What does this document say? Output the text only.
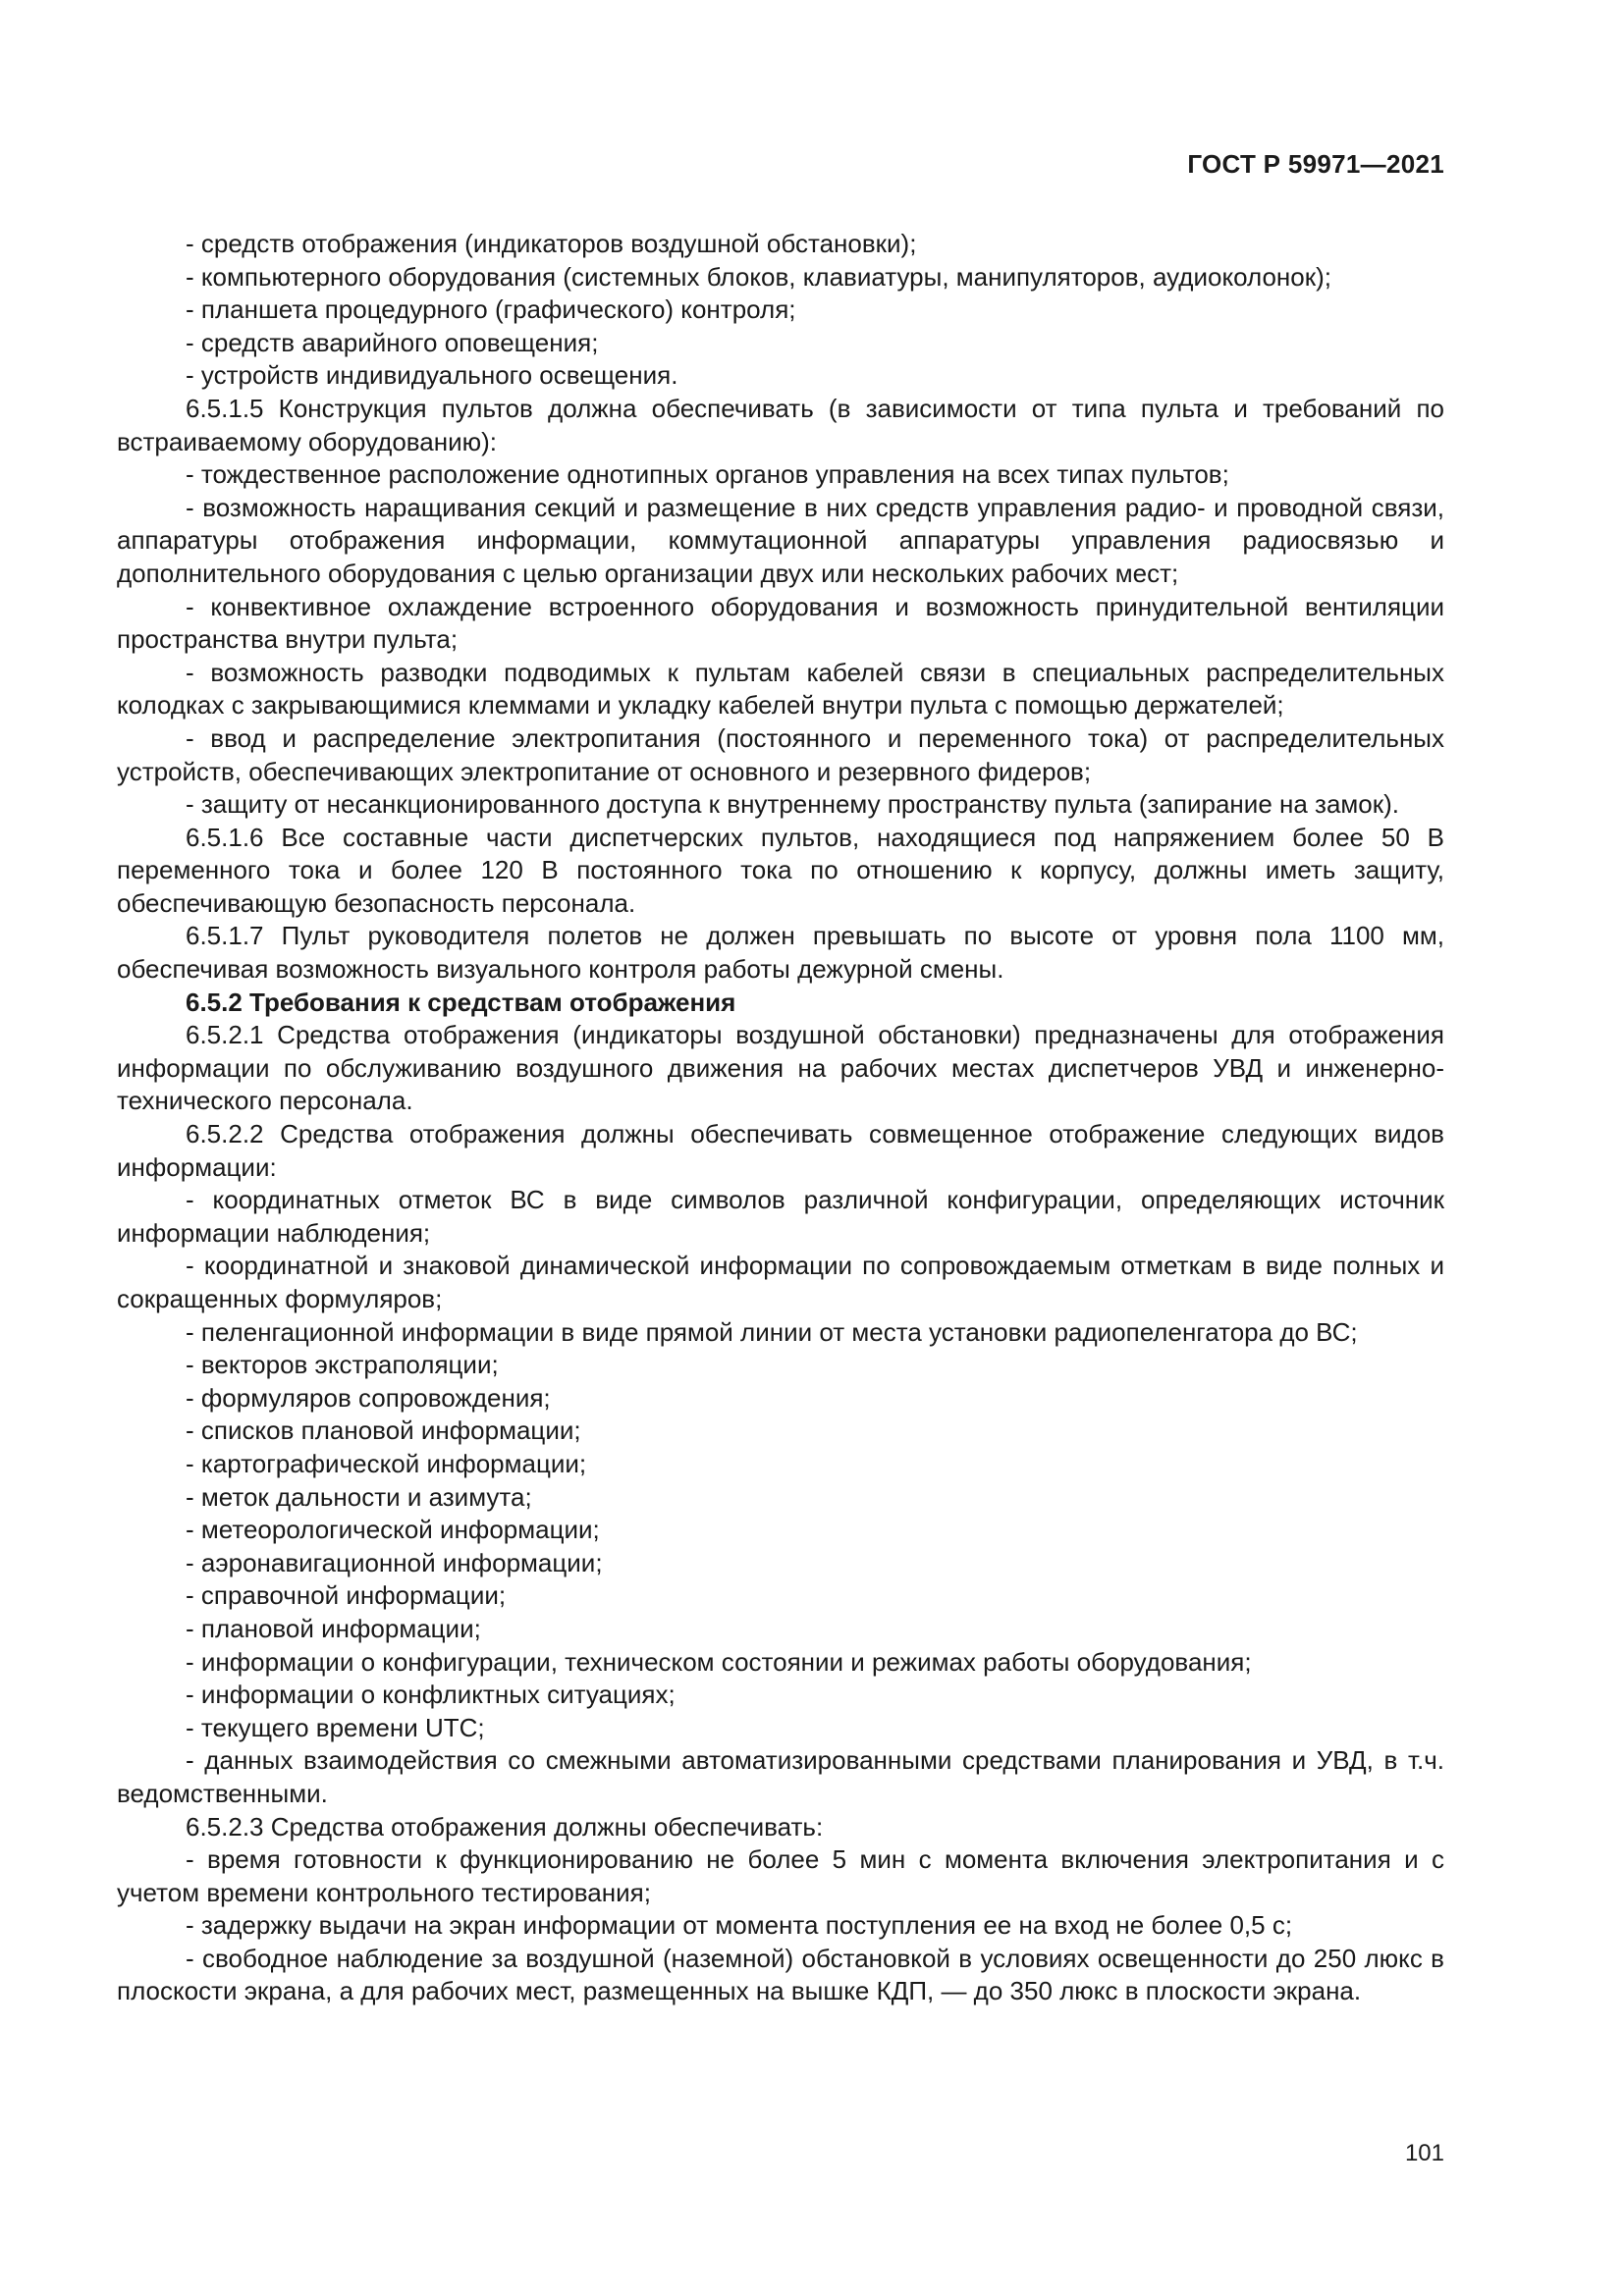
ГОСТ Р 59971—2021

- средств отображения (индикаторов воздушной обстановки);

- компьютерного оборудования (системных блоков, клавиатуры, манипуляторов, аудиоколонок);

- планшета процедурного (графического) контроля;

- средств аварийного оповещения;

- устройств индивидуального освещения.

6.5.1.5 Конструкция пультов должна обеспечивать (в зависимости от типа пульта и требований по встраиваемому оборудованию):

- тождественное расположение однотипных органов управления на всех типах пультов;

- возможность наращивания секций и размещение в них средств управления радио- и проводной связи, аппаратуры отображения информации, коммутационной аппаратуры управления радиосвязью и дополнительного оборудования с целью организации двух или нескольких рабочих мест;

- конвективное охлаждение встроенного оборудования и возможность принудительной вентиляции пространства внутри пульта;

- возможность разводки подводимых к пультам кабелей связи в специальных распределительных колодках с закрывающимися клеммами и укладку кабелей внутри пульта с помощью держателей;

- ввод и распределение электропитания (постоянного и переменного тока) от распределительных устройств, обеспечивающих электропитание от основного и резервного фидеров;

- защиту от несанкционированного доступа к внутреннему пространству пульта (запирание на замок).

6.5.1.6 Все составные части диспетчерских пультов, находящиеся под напряжением более 50 В переменного тока и более 120 В постоянного тока по отношению к корпусу, должны иметь защиту, обеспечивающую безопасность персонала.

6.5.1.7 Пульт руководителя полетов не должен превышать по высоте от уровня пола 1100 мм, обеспечивая возможность визуального контроля работы дежурной смены.

6.5.2 Требования к средствам отображения

6.5.2.1 Средства отображения (индикаторы воздушной обстановки) предназначены для отображения информации по обслуживанию воздушного движения на рабочих местах диспетчеров УВД и инженерно-технического персонала.

6.5.2.2 Средства отображения должны обеспечивать совмещенное отображение следующих видов информации:

- координатных отметок ВС в виде символов различной конфигурации, определяющих источник информации наблюдения;

- координатной и знаковой динамической информации по сопровождаемым отметкам в виде полных и сокращенных формуляров;

- пеленгационной информации в виде прямой линии от места установки радиопеленгатора до ВС;

- векторов экстраполяции;

- формуляров сопровождения;

- списков плановой информации;

- картографической информации;

- меток дальности и азимута;

- метеорологической информации;

- аэронавигационной информации;

- справочной информации;

- плановой информации;

- информации о конфигурации, техническом состоянии и режимах работы оборудования;

- информации о конфликтных ситуациях;

- текущего времени UTC;

- данных взаимодействия со смежными автоматизированными средствами планирования и УВД, в т.ч. ведомственными.

6.5.2.3 Средства отображения должны обеспечивать:

- время готовности к функционированию не более 5 мин с момента включения электропитания и с учетом времени контрольного тестирования;

- задержку выдачи на экран информации от момента поступления ее на вход не более 0,5 с;

- свободное наблюдение за воздушной (наземной) обстановкой в условиях освещенности до 250 люкс в плоскости экрана, а для рабочих мест, размещенных на вышке КДП, — до 350 люкс в плоскости экрана.

101
